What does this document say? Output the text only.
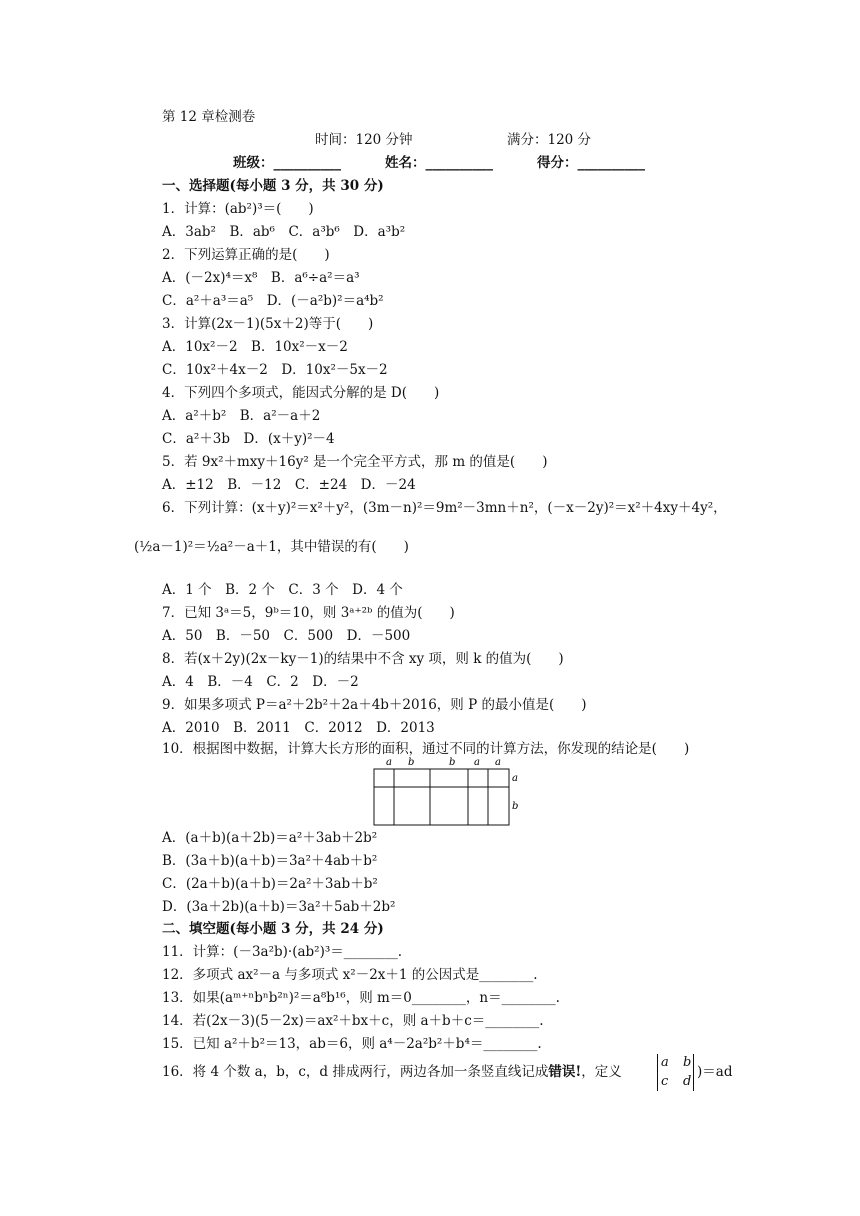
第 12 章检测卷
时间：120 分钟	满分：120 分
班级：__________	姓名：__________	得分：__________
一、选择题(每小题 3 分，共 30 分)
1．计算：(ab²)³＝(　　)
A．3ab²　B．ab⁶　C．a³b⁶　D．a³b²
2．下列运算正确的是(　　)
A．(－2x)⁴＝x⁸　B．a⁶÷a²＝a³
C．a²＋a³＝a⁵　D．(－a²b)²＝a⁴b²
3．计算(2x－1)(5x＋2)等于(　　)
A．10x²－2　B．10x²－x－2
C．10x²＋4x－2　D．10x²－5x－2
4．下列四个多项式，能因式分解的是 D(　　)
A．a²＋b²　B．a²－a＋2
C．a²＋3b　D．(x＋y)²－4
5．若 9x²＋mxy＋16y² 是一个完全平方式，那 m 的值是(　　)
A．±12　B．－12　C．±24　D．－24
6．下列计算：(x＋y)²＝x²＋y²，(3m－n)²＝9m²－3mn＋n²，(－x－2y)²＝x²＋4xy＋4y²，
(½a－1)²＝½a²－a＋1，其中错误的有(　　)
A．1 个　B．2 个　C．3 个　D．4 个
7．已知 3ᵃ＝5，9ᵇ＝10，则 3ᵃ⁺²ᵇ 的值为(　　)
A．50　B．－50　C．500　D．－500
8．若(x＋2y)(2x－ky－1)的结果中不含 xy 项，则 k 的值为(　　)
A．4　B．－4　C．2　D．－2
9．如果多项式 P＝a²＋2b²＋2a＋4b＋2016，则 P 的最小值是(　　)
A．2010　B．2011　C．2012　D．2013
10．根据图中数据，计算大长方形的面积，通过不同的计算方法，你发现的结论是(　　)
a b	b a a
a
b
A．(a＋b)(a＋2b)＝a²＋3ab＋2b²
B．(3a＋b)(a＋b)＝3a²＋4ab＋b²
C．(2a＋b)(a＋b)＝2a²＋3ab＋b²
D．(3a＋2b)(a＋b)＝3a²＋5ab＋2b²
二、填空题(每小题 3 分，共 24 分)
11．计算：(－3a²b)·(ab²)³＝________.
12．多项式 ax²－a 与多项式 x²－2x＋1 的公因式是________.
13．如果(aᵐ⁺ⁿbⁿb²ⁿ)²＝a⁸b¹⁶，则 m＝0________，n＝________.
14．若(2x－3)(5－2x)＝ax²＋bx＋c，则 a＋b＋c＝________.
15．已知 a²＋b²＝13，ab＝6，则 a⁴－2a²b²＋b⁴＝________.
16．将 4 个数 a，b，c，d 排成两行，两边各加一条竖直线记成错误!，定义
a b
c d
)＝ad
